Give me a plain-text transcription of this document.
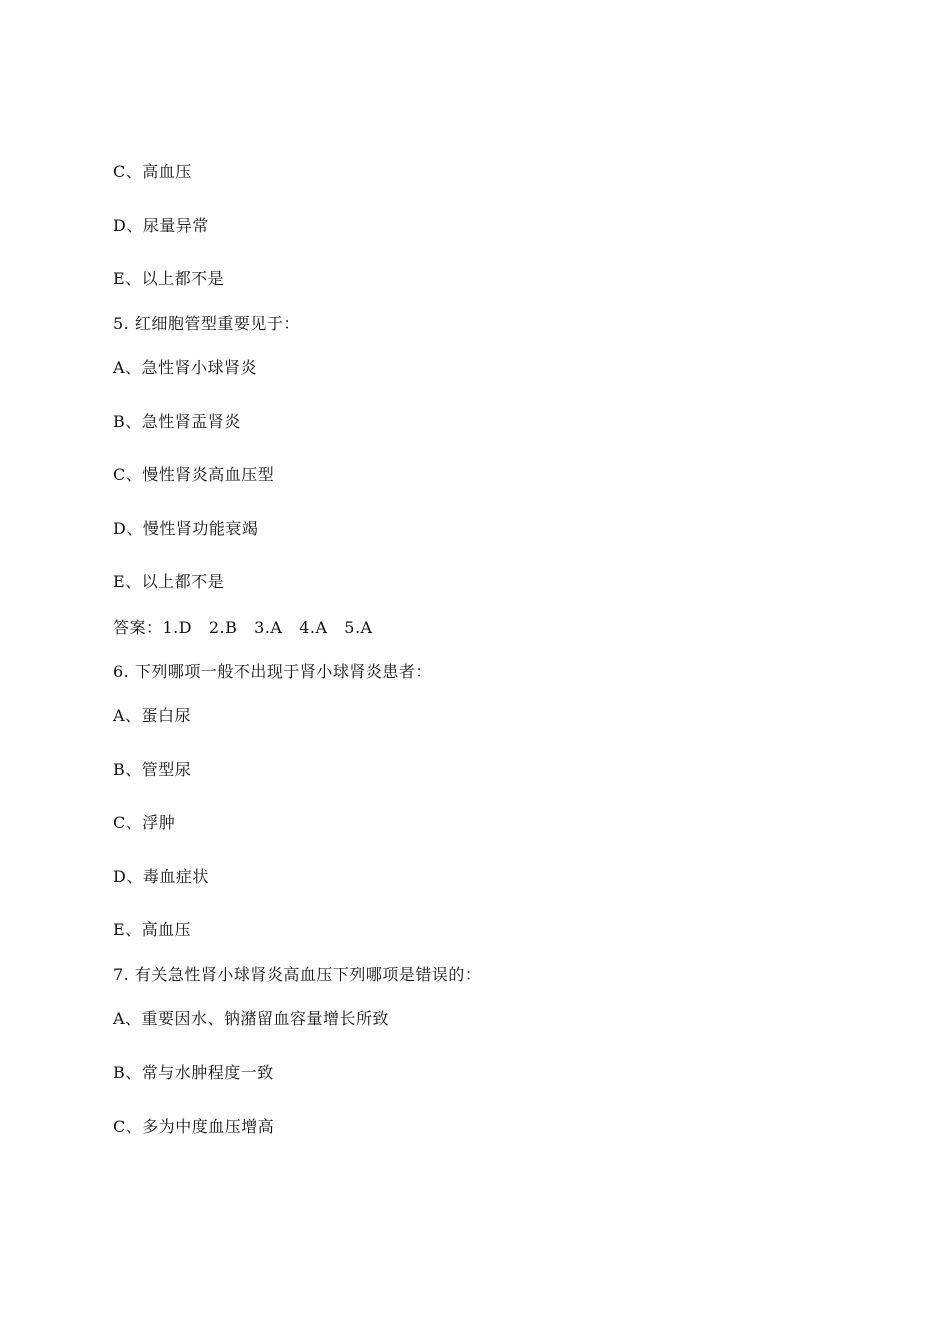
C、高血压
D、尿量异常
E、以上都不是
5. 红细胞管型重要见于：
A、急性肾小球肾炎
B、急性肾盂肾炎
C、慢性肾炎高血压型
D、慢性肾功能衰竭
E、以上都不是
答案：1.D   2.B   3.A   4.A   5.A
6. 下列哪项一般不出现于肾小球肾炎患者：
A、蛋白尿
B、管型尿
C、浮肿
D、毒血症状
E、高血压
7. 有关急性肾小球肾炎高血压下列哪项是错误的：
A、重要因水、钠潴留血容量增长所致
B、常与水肿程度一致
C、多为中度血压增高
